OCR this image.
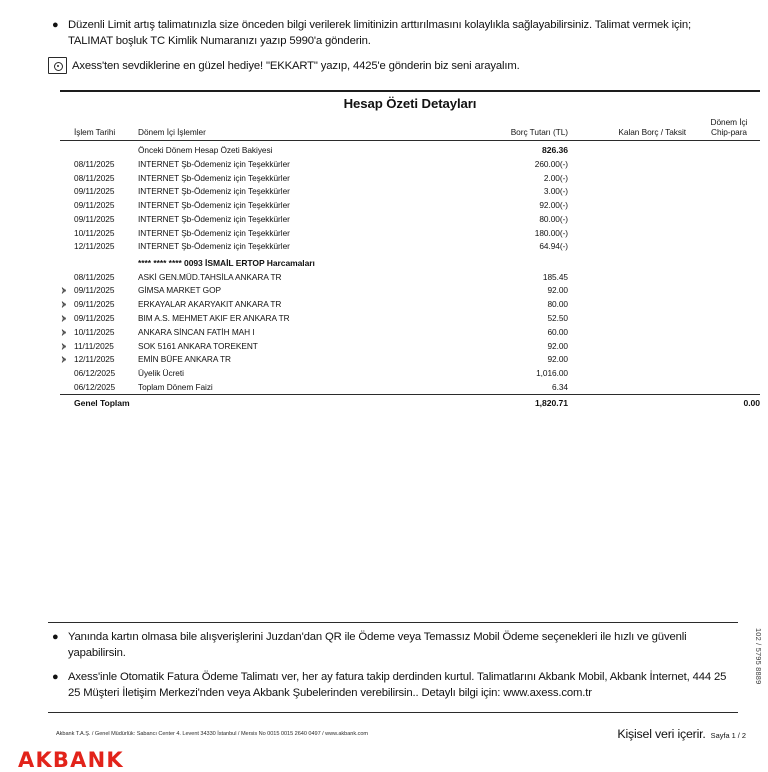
● Düzenli Limit artış talimatınızla size önceden bilgi verilerek limitinizin arttırılmasını kolaylıkla sağlayabilirsiniz. Talimat vermek için; TALIMAT boşluk TC Kimlik Numaranızı yazıp 5990'a gönderin.
Axess'ten sevdiklerine en güzel hediye! "EKKART" yazıp, 4425'e gönderin biz seni arayalım.
Hesap Özeti Detayları
	İşlem Tarihi	Dönem İçi İşlemler	Borç Tutarı (TL)	Kalan Borç / Taksit	Dönem İçi
Chip-para
		Önceki Dönem Hesap Özeti Bakiyesi	826.36		
	08/11/2025	INTERNET Şb-Ödemeniz için Teşekkürler	260.00(-)		
	08/11/2025	INTERNET Şb-Ödemeniz için Teşekkürler	2.00(-)		
	09/11/2025	INTERNET Şb-Ödemeniz için Teşekkürler	3.00(-)		
	09/11/2025	INTERNET Şb-Ödemeniz için Teşekkürler	92.00(-)		
	09/11/2025	INTERNET Şb-Ödemeniz için Teşekkürler	80.00(-)		
	10/11/2025	INTERNET Şb-Ödemeniz için Teşekkürler	180.00(-)		
	12/11/2025	INTERNET Şb-Ödemeniz için Teşekkürler	64.94(-)		
		**** **** **** 0093 İSMAİL ERTOP Harcamaları			
	08/11/2025	ASKİ GEN.MÜD.TAHSİLA ANKARA TR	185.45		

	09/11/2025	GİMSA MARKET GOP	92.00		

	09/11/2025	ERKAYALAR AKARYAKIT ANKARA TR	80.00		

	09/11/2025	BIM A.S. MEHMET AKIF ER ANKARA TR	52.50		

	10/11/2025	ANKARA SİNCAN FATİH MAH I	60.00		

	11/11/2025	SOK 5161 ANKARA TOREKENT	92.00		

	12/11/2025	EMİN BÜFE ANKARA TR	92.00		
	06/12/2025	Üyelik Ücreti	1,016.00		
	06/12/2025	Toplam Dönem Faizi	6.34		
	Genel Toplam		1,820.71		0.00
● Yanında kartın olmasa bile alışverişlerini Juzdan'dan QR ile Ödeme veya Temassız Mobil Ödeme seçenekleri ile hızlı ve güvenli yapabilirsin.
● Axess'inle Otomatik Fatura Ödeme Talimatı ver, her ay fatura takip derdinden kurtul. Talimatlarını Akbank Mobil, Akbank İnternet, 444 25 25 Müşteri İletişim Merkezi'nden veya Akbank Şubelerinden verebilirsin.. Detaylı bilgi için: www.axess.com.tr
102 / 5795 8889
Akbank T.A.Ş. / Genel Müdürlük: Sabancı Center 4. Levent 34330 İstanbul / Mersis No 0015 0015 2640 0497 / www.akbank.com	Kişisel veri içerir. Sayfa 1 / 2
AKBANK
